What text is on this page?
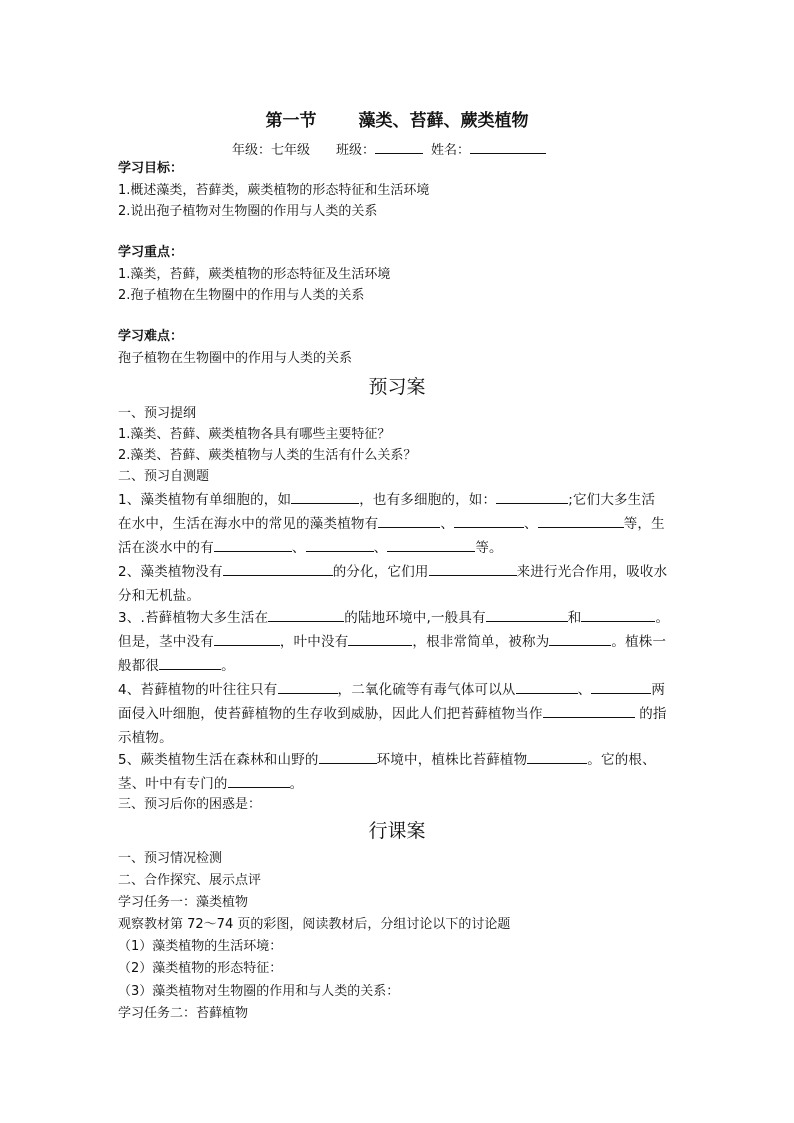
第一节 藻类、苔藓、蕨类植物
年级：七年级 班级：	姓名：
学习目标：
1.概述藻类，苔藓类，蕨类植物的形态特征和生活环境
2.说出孢子植物对生物圈的作用与人类的关系
学习重点：
1.藻类，苔藓，蕨类植物的形态特征及生活环境
2.孢子植物在生物圈中的作用与人类的关系
学习难点：
孢子植物在生物圈中的作用与人类的关系
预习案
一、预习提纲
1.藻类、苔藓、蕨类植物各具有哪些主要特征？
2.藻类、苔藓、蕨类植物与人类的生活有什么关系？
二、预习自测题
1、藻类植物有单细胞的，如	，也有多细胞的，如：	;它们大多生活
在水中，生活在海水中的常见的藻类植物有	、	、	等，生
活在淡水中的有	、	、	等。
2、藻类植物没有	的分化，它们用	来进行光合作用，吸收水
分和无机盐。
3、.苔藓植物大多生活在	的陆地环境中,一般具有	和	。
但是，茎中没有	，叶中没有	，根非常简单，被称为	。植株一
般都很	。
4、苔藓植物的叶往往只有	，二氧化硫等有毒气体可以从	、	两
面侵入叶细胞，使苔藓植物的生存收到威胁，因此人们把苔藓植物当作	的指
示植物。
5、蕨类植物生活在森林和山野的	环境中，植株比苔藓植物	。它的根、
茎、叶中有专门的	。
三、预习后你的困惑是：
行课案
一、预习情况检测
二、合作探究、展示点评
学习任务一：藻类植物
观察教材第 72～74 页的彩图，阅读教材后，分组讨论以下的讨论题
（1）藻类植物的生活环境：
（2）藻类植物的形态特征：
（3）藻类植物对生物圈的作用和与人类的关系：
学习任务二：苔藓植物
